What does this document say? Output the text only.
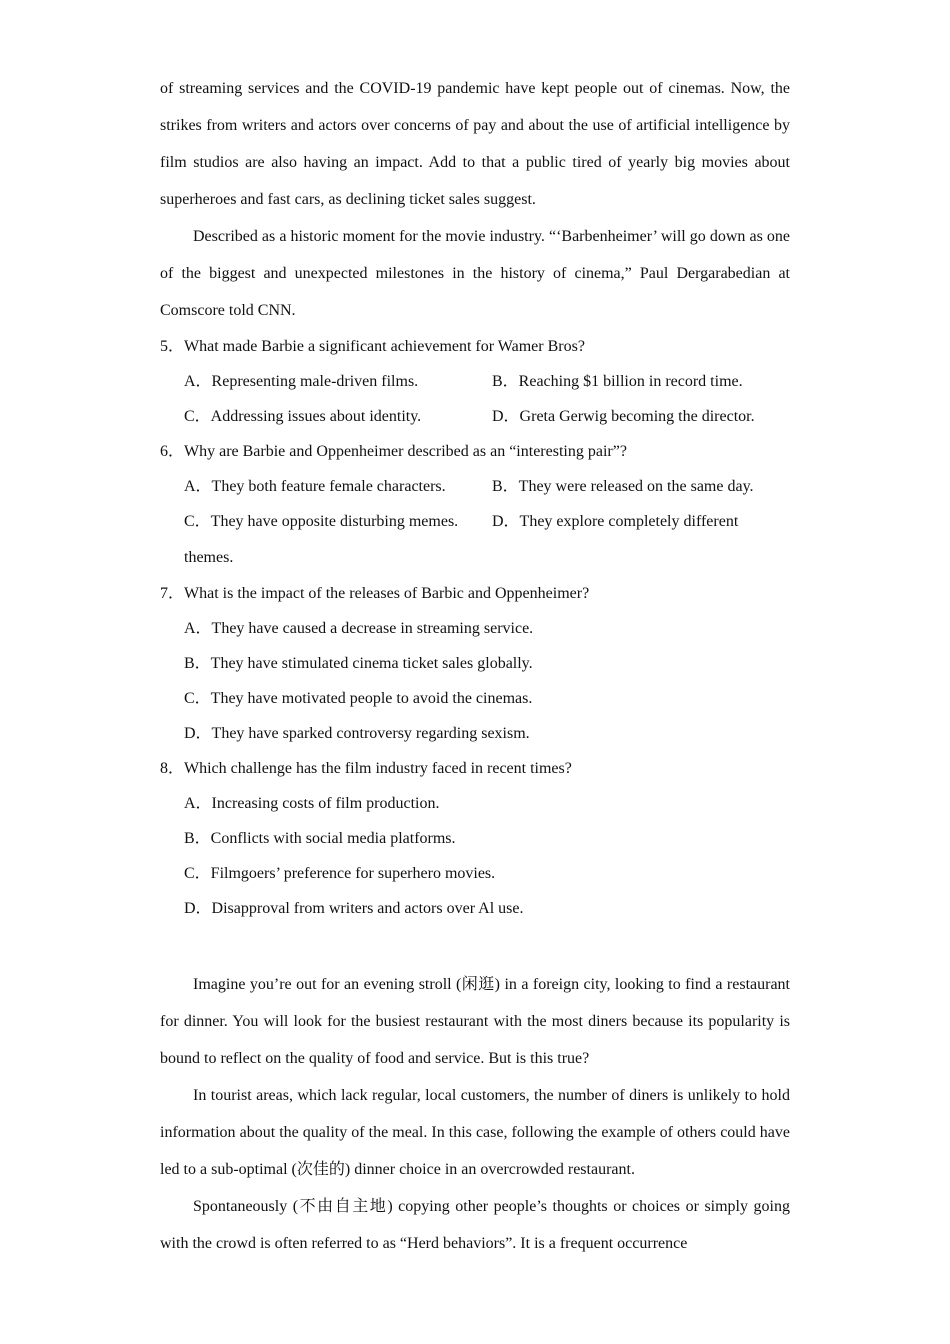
of streaming services and the COVID-19 pandemic have kept people out of cinemas. Now, the strikes from writers and actors over concerns of pay and about the use of artificial intelligence by film studios are also having an impact. Add to that a public tired of yearly big movies about superheroes and fast cars, as declining ticket sales suggest.

Described as a historic moment for the movie industry. “‘Barbenheimer’ will go down as one of the biggest and unexpected milestones in the history of cinema,” Paul Dergarabedian at Comscore told CNN.

5．What made Barbie a significant achievement for Wamer Bros?

A．Representing male-driven films.	B．Reaching $1 billion in record time.
C．Addressing issues about identity.	D．Greta Gerwig becoming the director.

6．Why are Barbie and Oppenheimer described as an “interesting pair”?

A．They both feature female characters.	B．They were released on the same day.
C．They have opposite disturbing memes.	D．They explore completely different
themes.

7．What is the impact of the releases of Barbic and Oppenheimer?

A．They have caused a decrease in streaming service.
B．They have stimulated cinema ticket sales globally.
C．They have motivated people to avoid the cinemas.
D．They have sparked controversy regarding sexism.

8．Which challenge has the film industry faced in recent times?

A．Increasing costs of film production.
B．Conflicts with social media platforms.
C．Filmgoers’ preference for superhero movies.
D．Disapproval from writers and actors over Al use.

Imagine you’re out for an evening stroll (闲逛) in a foreign city, looking to find a restaurant for dinner. You will look for the busiest restaurant with the most diners because its popularity is bound to reflect on the quality of food and service. But is this true?

In tourist areas, which lack regular, local customers, the number of diners is unlikely to hold information about the quality of the meal. In this case, following the example of others could have led to a sub-optimal (次佳的) dinner choice in an overcrowded restaurant.

Spontaneously (不由自主地) copying other people’s thoughts or choices or simply going with the crowd is often referred to as “Herd behaviors”. It is a frequent occurrence
